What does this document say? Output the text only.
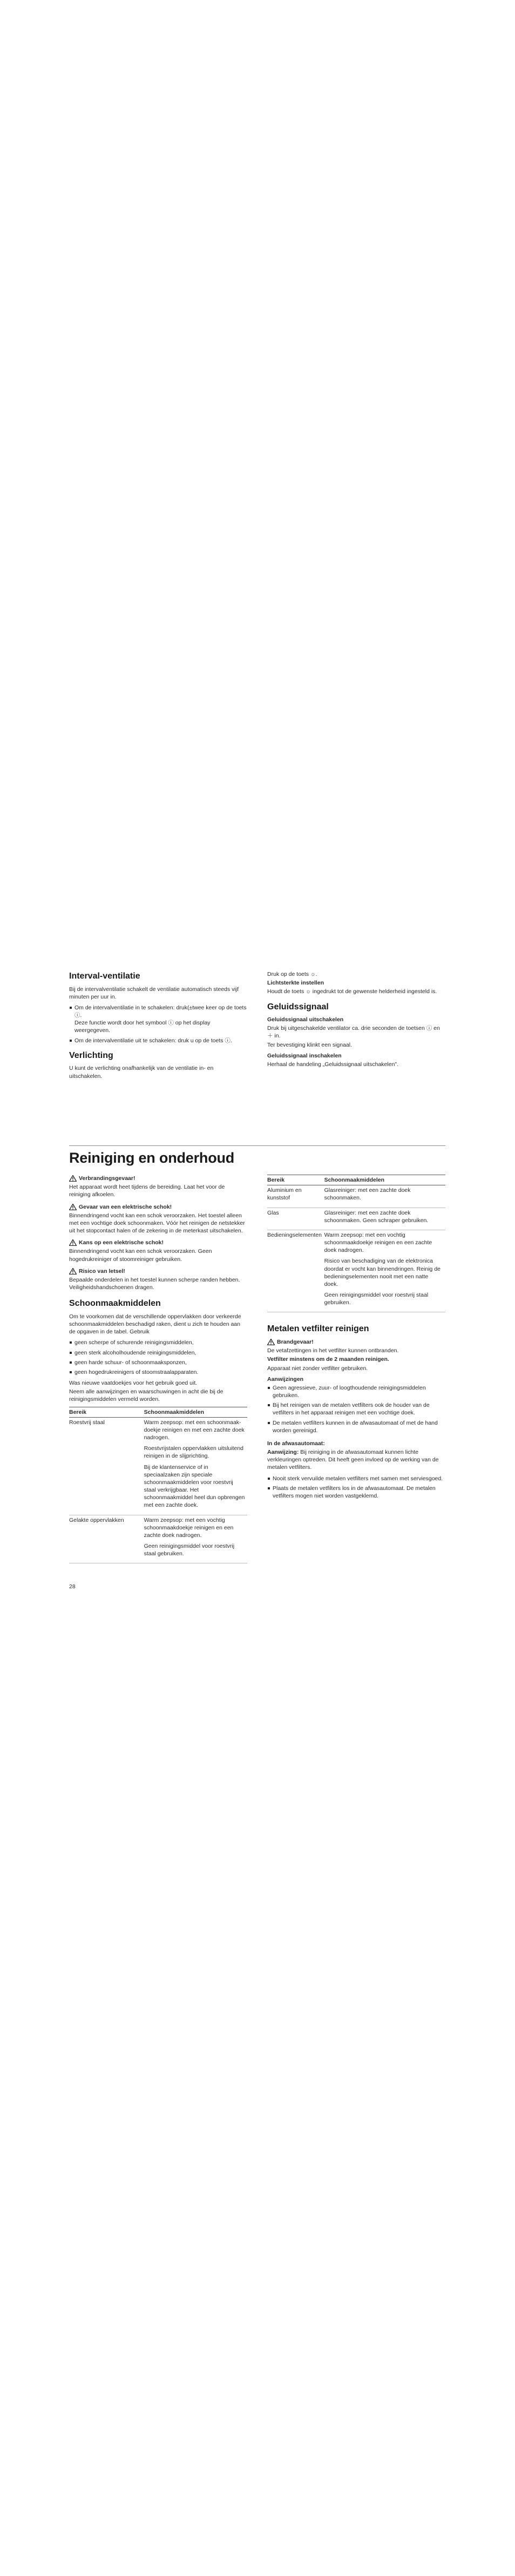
Interval-ventilatie

Bij de intervalventilatie schakelt de ventilatie automatisch steeds vijf minuten per uur in.

Om de intervalventilatie in te schakelen: druk(±twee keer op de toets ⓘ.
Deze functie wordt door het symbool ⓘ op het display weergegeven.
Om de intervalventilatie uit te schakelen: druk u op de toets ⓘ.
Verlichting

U kunt de verlichting onafhankelijk van de ventilatie in- en uitschakelen.

Druk op de toets ☼.

Lichtsterkte instellen

Houdt de toets ☼ ingedrukt tot de gewenste helderheid ingesteld is.

Geluidssignaal
Geluidssignaal uitschakelen

Druk bij uitgeschakelde ventilator ca. drie seconden de toetsen ⓘ en ＋ in.

Ter bevestiging klinkt een signaal.

Geluidssignaal inschakelen

Herhaal de handeling „Geluidssignaal uitschakelen".

Reiniging en onderhoud
Verbrandingsgevaar!

Het apparaat wordt heet tijdens de bereiding. Laat het voor de reiniging afkoelen.

Gevaar van een elektrische schok!

Binnendringend vocht kan een schok veroorzaken. Het toestel alleen met een vochtige doek schoonmaken. Vóór het reinigen de netstekker uit het stopcontact halen of de zekering in de meterkast uitschakelen.

Kans op een elektrische schok!

Binnendringend vocht kan een schok veroorzaken. Geen hogedrukreiniger of stoomreiniger gebruiken.

Risico van letsel!

Bepaalde onderdelen in het toestel kunnen scherpe randen hebben. Veiligheidshandschoenen dragen.

Schoonmaakmiddelen

Om te voorkomen dat de verschillende oppervlakken door verkeerde schoonmaakmiddelen beschadigd raken, dient u zich te houden aan de opgaven in de tabel. Gebruik

geen scherpe of schurende reinigingsmiddelen,
geen sterk alcoholhoudende reinigingsmiddelen,
geen harde schuur- of schoonmaaksponzen,
geen hogedrukreinigers of stoomstraalapparaten.

Was nieuwe vaatdoekjes voor het gebruik goed uit.

Neem alle aanwijzingen en waarschuwingen in acht die bij de reinigingsmiddelen vermeld worden.

Bereik	Schoonmaakmiddelen
Roestvrij staal	Warm zeepsop: met een schoonmaak-doekje reinigen en met een zachte doek nadrogen.
Roestvrijstalen oppervlakken uitsluitend reinigen in de slijprichting.
Bij de klantenservice of in speciaalzaken zijn speciale schoonmaakmiddelen voor roestvrij staal verkrijgbaar. Het schoonmaakmiddel heel dun opbrengen met een zachte doek.

Gelakte oppervlakken	Warm zeepsop: met een vochtig schoonmaakdoekje reinigen en een zachte doek nadrogen.
Geen reinigingsmiddel voor roestvrij staal gebruiken.
Bereik	Schoonmaakmiddelen
Aluminium en kunststof	Glasreiniger: met een zachte doek schoonmaken.

Glas	Glasreiniger: met een zachte doek schoonmaken. Geen schraper gebruiken.

Bedieningselementen	Warm zeepsop: met een vochtig schoonmaakdoekje reinigen en een zachte doek nadrogen.
Risico van beschadiging van de elektronica doordat er vocht kan binnendringen. Reinig de bedieningselementen nooit met een natte doek.
Geen reinigingsmiddel voor roestvrij staal gebruiken.
Metalen vetfilter reinigen
Brandgevaar!

De vetafzettingen in het vetfilter kunnen ontbranden.

Vetfilter minstens om de 2 maanden reinigen.

Apparaat niet zonder vetfilter gebruiken.

Aanwijzingen
Geen agressieve, zuur- of loogthoudende reinigingsmiddelen gebruiken.
Bij het reinigen van de metalen vetfilters ook de houder van de vetfilters in het apparaat reinigen met een vochtige doek.
De metalen vetfilters kunnen in de afwasautomaat of met de hand worden gereinigd.
In de afwasautomaat:

Aanwijzing: Bij reiniging in de afwasautomaat kunnen lichte verkleuringen optreden. Dit heeft geen invloed op de werking van de metalen vetfilters.

Nooit sterk vervuilde metalen vetfilters met samen met serviesgoed.
Plaats de metalen vetfilters los in de afwasautomaat. De metalen vetfilters mogen niet worden vastgeklemd.
28
